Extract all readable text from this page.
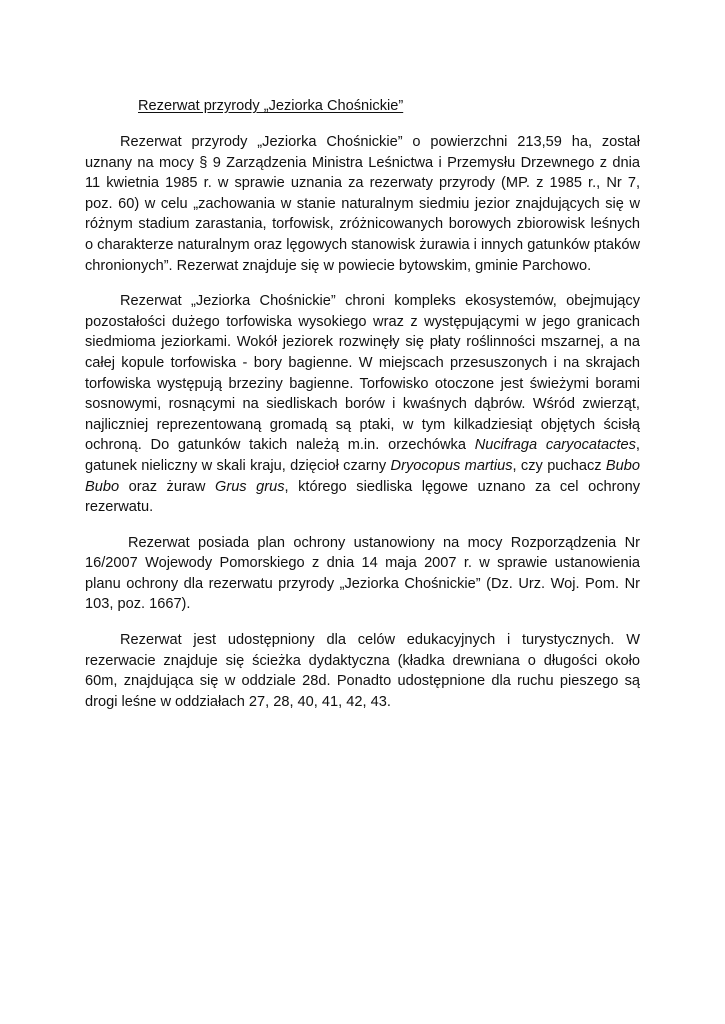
Rezerwat przyrody „Jeziorka Chośnickie”

Rezerwat przyrody „Jeziorka Chośnickie” o powierzchni 213,59 ha, został uznany na mocy § 9 Zarządzenia Ministra Leśnictwa i Przemysłu Drzewnego z dnia 11 kwietnia 1985 r. w sprawie uznania za rezerwaty przyrody (MP. z 1985 r., Nr 7, poz. 60) w celu „zachowania w stanie naturalnym siedmiu jezior znajdujących się w różnym stadium zarastania, torfowisk, zróżnicowanych borowych zbiorowisk leśnych o charakterze naturalnym oraz lęgowych stanowisk żurawia i innych gatunków ptaków chronionych”. Rezerwat znajduje się w powiecie bytowskim, gminie Parchowo.

Rezerwat „Jeziorka Chośnickie” chroni kompleks ekosystemów, obejmujący pozostałości dużego torfowiska wysokiego wraz z występującymi w jego granicach siedmioma jeziorkami. Wokół jeziorek rozwinęły się płaty roślinności mszarnej, a na całej kopule torfowiska - bory bagienne. W miejscach przesuszonych i na skrajach torfowiska występują brzeziny bagienne. Torfowisko otoczone jest świeżymi borami sosnowymi, rosnącymi na siedliskach borów i kwaśnych dąbrów. Wśród zwierząt, najliczniej reprezentowaną gromadą są ptaki, w tym kilkadziesiąt objętych ścisłą ochroną. Do gatunków takich należą m.in. orzechówka Nucifraga caryocatactes, gatunek nieliczny w skali kraju, dzięcioł czarny Dryocopus martius, czy puchacz Bubo Bubo oraz żuraw Grus grus, którego siedliska lęgowe uznano za cel ochrony rezerwatu.

Rezerwat posiada plan ochrony ustanowiony na mocy Rozporządzenia Nr 16/2007 Wojewody Pomorskiego z dnia 14 maja 2007 r. w sprawie ustanowienia planu ochrony dla rezerwatu przyrody „Jeziorka Chośnickie” (Dz. Urz. Woj. Pom. Nr 103, poz. 1667).

Rezerwat jest udostępniony dla celów edukacyjnych i turystycznych. W rezerwacie znajduje się ścieżka dydaktyczna (kładka drewniana o długości około 60m, znajdująca się w oddziale 28d. Ponadto udostępnione dla ruchu pieszego są drogi leśne w oddziałach 27, 28, 40, 41, 42, 43.
